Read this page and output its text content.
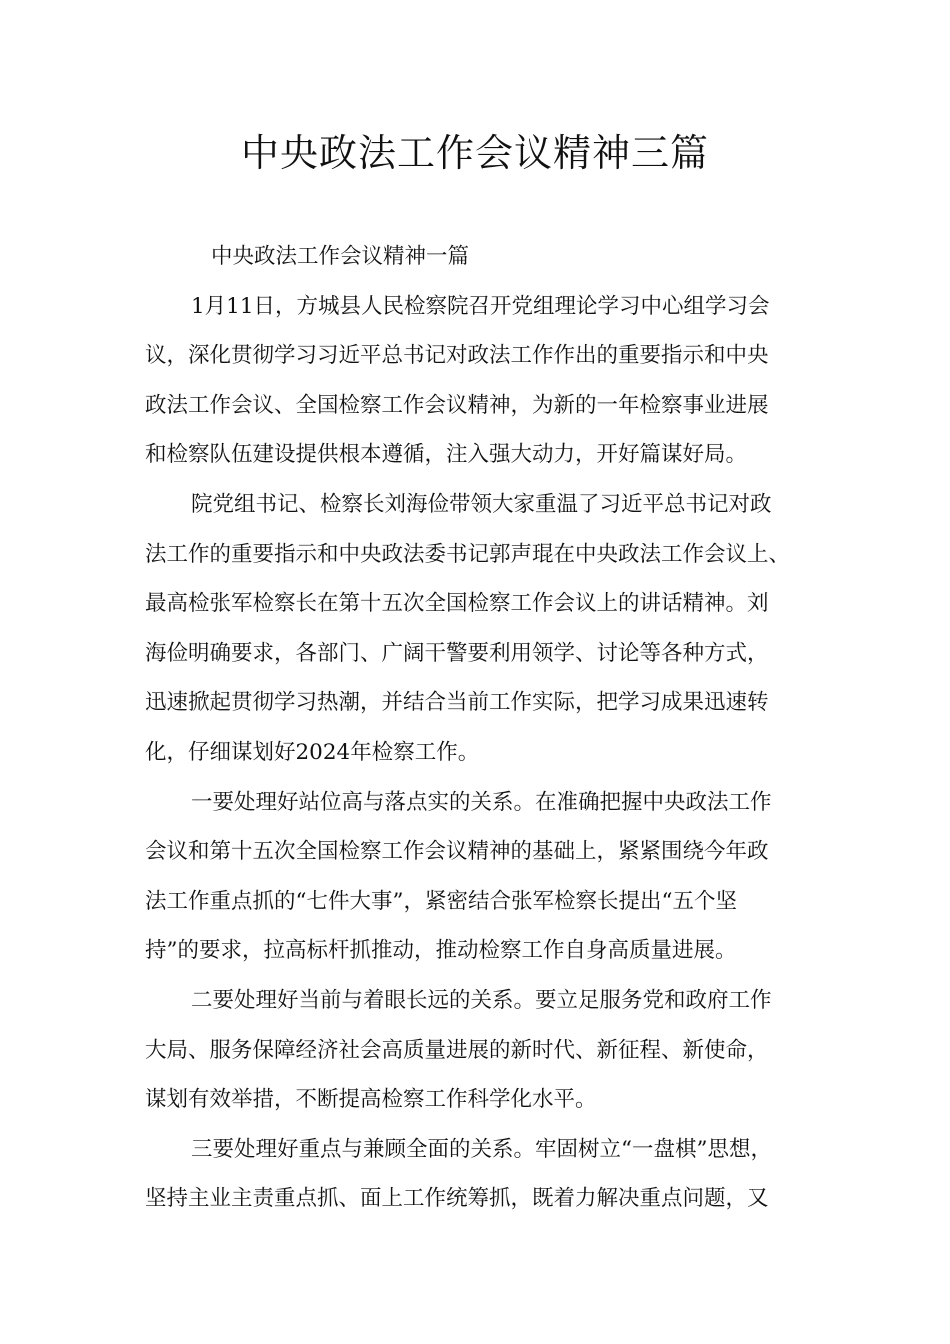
中央政法工作会议精神三篇

中央政法工作会议精神一篇

1月11日，方城县人民检察院召开党组理论学习中心组学习会
议，深化贯彻学习习近平总书记对政法工作作出的重要指示和中央
政法工作会议、全国检察工作会议精神，为新的一年检察事业进展
和检察队伍建设提供根本遵循，注入强大动力，开好篇谋好局。

院党组书记、检察长刘海俭带领大家重温了习近平总书记对政
法工作的重要指示和中央政法委书记郭声琨在中央政法工作会议上、
最高检张军检察长在第十五次全国检察工作会议上的讲话精神。刘
海俭明确要求，各部门、广阔干警要利用领学、讨论等各种方式，
迅速掀起贯彻学习热潮，并结合当前工作实际，把学习成果迅速转
化，仔细谋划好2024年检察工作。

一要处理好站位高与落点实的关系。在准确把握中央政法工作
会议和第十五次全国检察工作会议精神的基础上，紧紧围绕今年政
法工作重点抓的“七件大事”，紧密结合张军检察长提出“五个坚
持”的要求，拉高标杆抓推动，推动检察工作自身高质量进展。

二要处理好当前与着眼长远的关系。要立足服务党和政府工作
大局、服务保障经济社会高质量进展的新时代、新征程、新使命，
谋划有效举措，不断提高检察工作科学化水平。

三要处理好重点与兼顾全面的关系。牢固树立“一盘棋”思想，
坚持主业主责重点抓、面上工作统筹抓，既着力解决重点问题，又
